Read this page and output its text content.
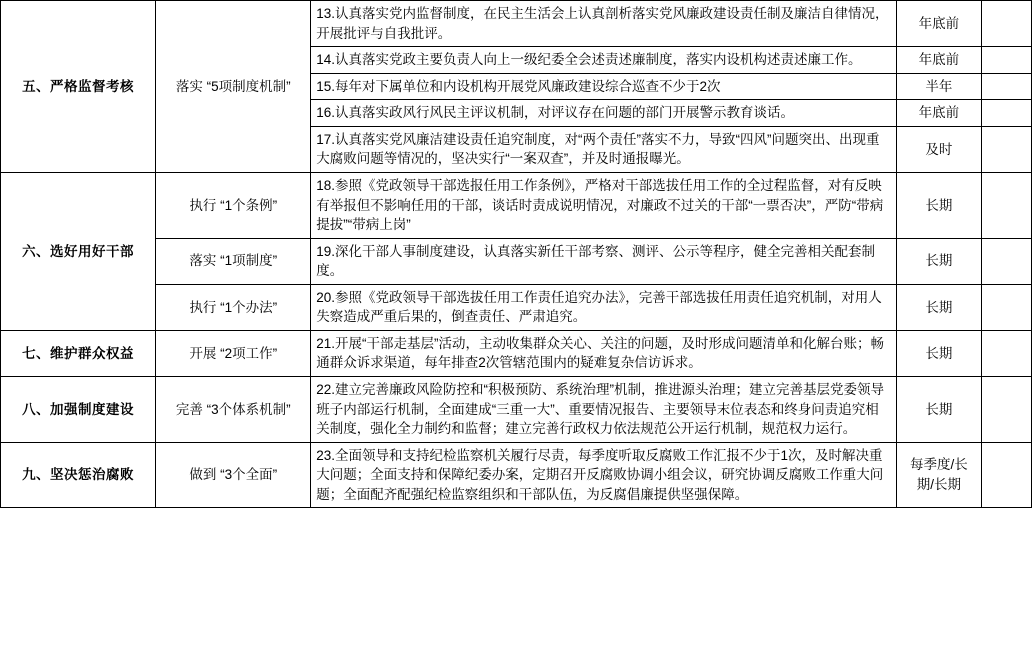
五、严格监督考核	落实 “5项制度机制”	13.认真落实党内监督制度，在民主生活会上认真剖析落实党风廉政建设责任制及廉洁自律情况，开展批评与自我批评。	年底前	
		14.认真落实党政主要负责人向上一级纪委全会述责述廉制度，落实内设机构述责述廉工作。	年底前	
		15.每年对下属单位和内设机构开展党风廉政建设综合巡查不少于2次	半年	
		16.认真落实政风行风民主评议机制，对评议存在问题的部门开展警示教育谈话。	年底前	
		17.认真落实党风廉洁建设责任追究制度，对“两个责任”落实不力，导致“四风”问题突出、出现重大腐败问题等情况的，坚决实行“一案双查”，并及时通报曝光。	及时	
六、选好用好干部	执行 “1个条例”	18.参照《党政领导干部选报任用工作条例》，严格对干部选拔任用工作的全过程监督，对有反映有举报但不影响任用的干部，谈话时责成说明情况，对廉政不过关的干部“一票否决”，严防“带病提拔”“带病上岗”	长期	
	落实 “1项制度”	19.深化干部人事制度建设，认真落实新任干部考察、测评、公示等程序，健全完善相关配套制度。	长期	
	执行 “1个办法”	20.参照《党政领导干部选拔任用工作责任追究办法》，完善干部选拔任用责任追究机制，对用人失察造成严重后果的，倒查责任、严肃追究。	长期	
七、维护群众权益	开展 “2项工作”	21.开展“干部走基层”活动，主动收集群众关心、关注的问题，及时形成问题清单和化解台账；畅通群众诉求渠道，每年排查2次管辖范围内的疑难复杂信访诉求。	长期	
八、加强制度建设	完善 “3个体系机制”	22.建立完善廉政风险防控和“积极预防、系统治理”机制，推进源头治理；建立完善基层党委领导班子内部运行机制，全面建成“三重一大”、重要情况报告、主要领导末位表态和终身问责追究相关制度，强化全力制约和监督；建立完善行政权力依法规范公开运行机制，规范权力运行。	长期	
九、坚决惩治腐败	做到 “3个全面”	23.全面领导和支持纪检监察机关履行尽责，每季度听取反腐败工作汇报不少于1次，及时解决重大问题；全面支持和保障纪委办案，定期召开反腐败协调小组会议，研究协调反腐败工作重大问题；全面配齐配强纪检监察组织和干部队伍，为反腐倡廉提供坚强保障。	每季度/长期/长期	
